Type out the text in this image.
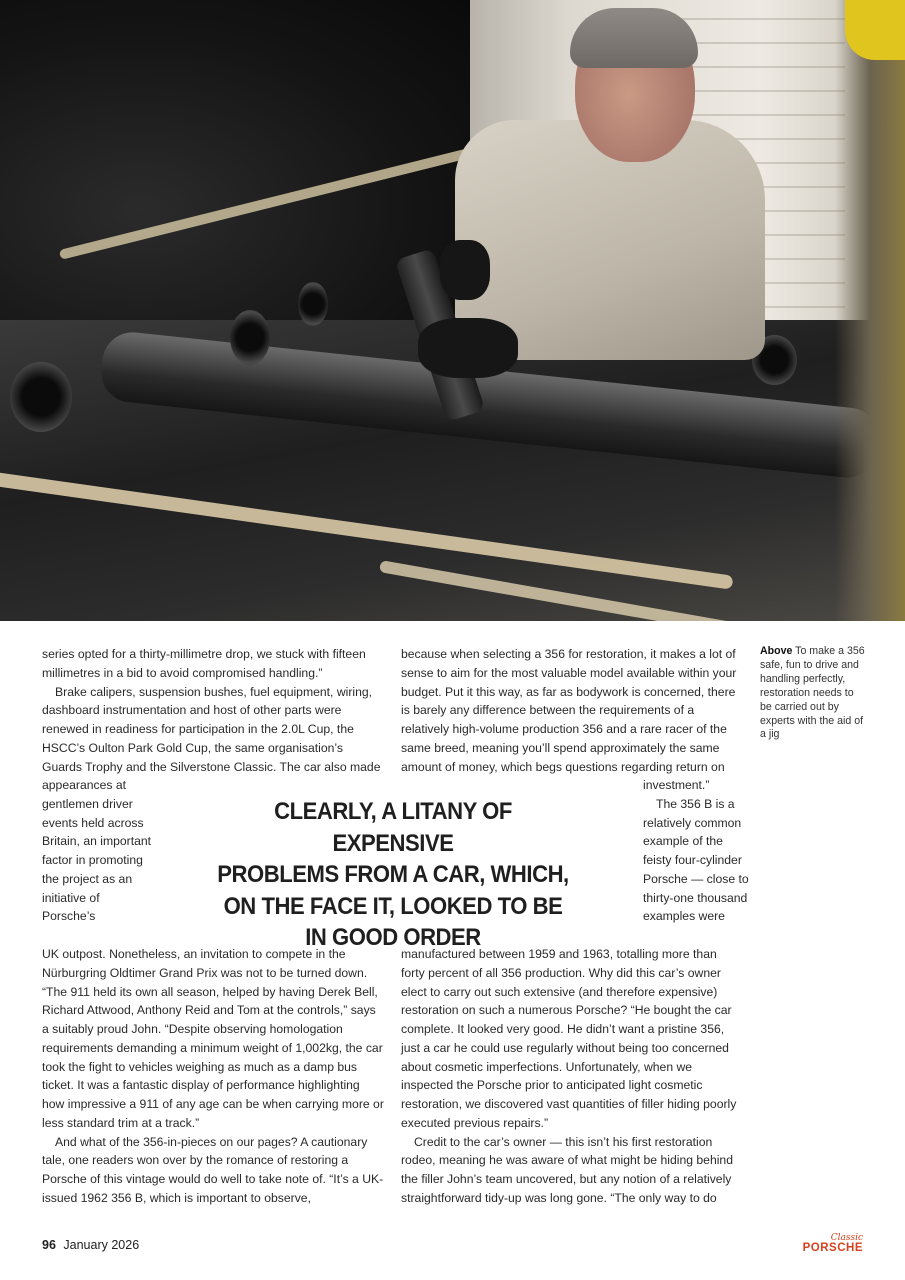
series opted for a thirty-millimetre drop, we stuck with fifteen millimetres in a bid to avoid compromised handling.”

Brake calipers, suspension bushes, fuel equipment, wiring, dashboard instrumentation and host of other parts were renewed in readiness for participation in the 2.0L Cup, the HSCC’s Oulton Park Gold Cup, the same organisation’s Guards Trophy and the Silverstone Classic. The car also made

appearances at gentlemen driver events held across Britain, an important factor in promoting the project as an initiative of Porsche’s

UK outpost. Nonetheless, an invitation to compete in the Nürburgring Oldtimer Grand Prix was not to be turned down. “The 911 held its own all season, helped by having Derek Bell, Richard Attwood, Anthony Reid and Tom at the controls,” says a suitably proud John. “Despite observing homologation requirements demanding a minimum weight of 1,002kg, the car took the fight to vehicles weighing as much as a damp bus ticket. It was a fantastic display of performance highlighting how impressive a 911 of any age can be when carrying more or less standard trim at a track.”

And what of the 356-in-pieces on our pages? A cautionary tale, one readers won over by the romance of restoring a Porsche of this vintage would do well to take note of. “It’s a UK-issued 1962 356 B, which is important to observe,

because when selecting a 356 for restoration, it makes a lot of sense to aim for the most valuable model available within your budget. Put it this way, as far as bodywork is concerned, there is barely any difference between the requirements of a relatively high-volume production 356 and a rare racer of the same breed, meaning you’ll spend approximately the same amount of money, which begs questions regarding return on

investment.”

The 356 B is a relatively common example of the feisty four-cylinder Porsche — close to thirty-one thousand examples were

manufactured between 1959 and 1963, totalling more than forty percent of all 356 production. Why did this car’s owner elect to carry out such extensive (and therefore expensive) restoration on such a numerous Porsche? “He bought the car complete. It looked very good. He didn’t want a pristine 356, just a car he could use regularly without being too concerned about cosmetic imperfections. Unfortunately, when we inspected the Porsche prior to anticipated light cosmetic restoration, we discovered vast quantities of filler hiding poorly executed previous repairs.”

Credit to the car’s owner — this isn’t his first restoration rodeo, meaning he was aware of what might be hiding behind the filler John’s team uncovered, but any notion of a relatively straightforward tidy-up was long gone. “The only way to do

CLEARLY, A LITANY OF EXPENSIVE
PROBLEMS FROM A CAR, WHICH,
ON THE FACE IT, LOOKED TO BE
IN GOOD ORDER
Above To make a 356 safe, fun to drive and handling perfectly, restoration needs to be carried out by experts with the aid of a jig
96 January 2026	Classic
PORSCHE
